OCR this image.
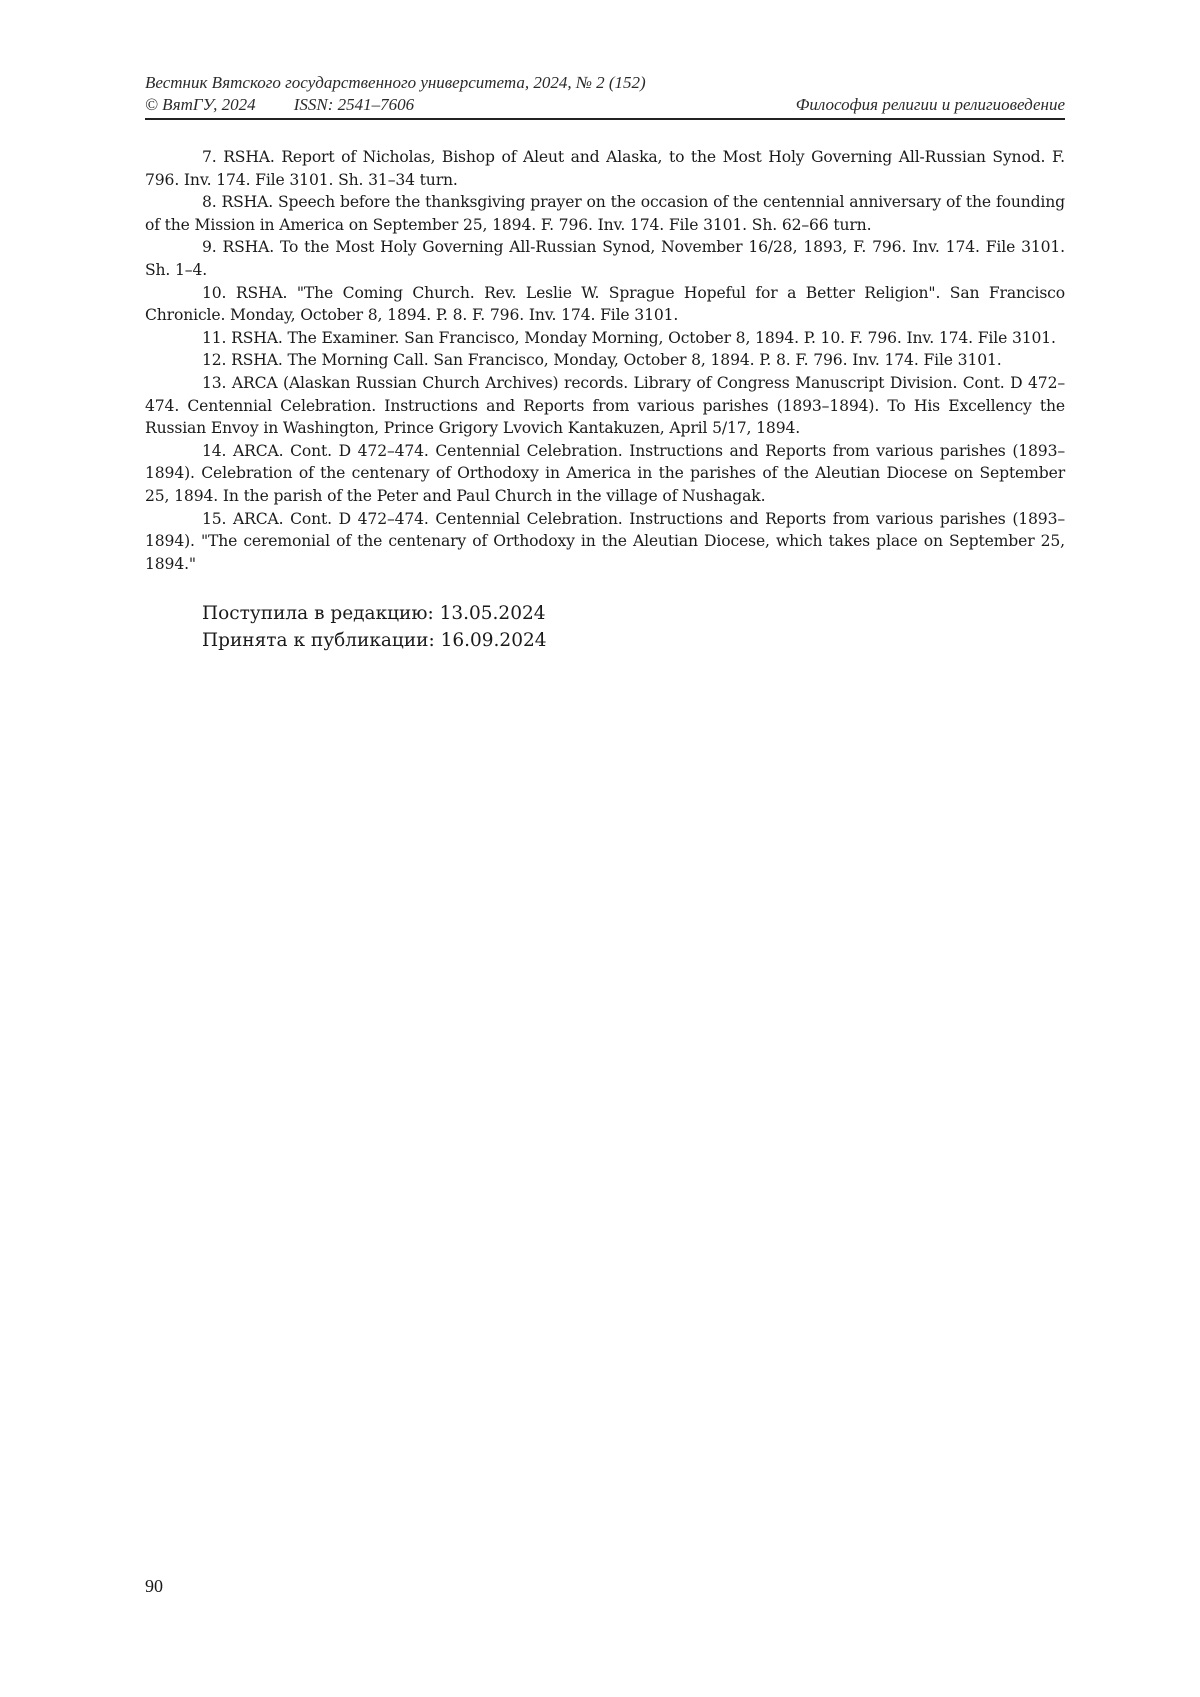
Вестник Вятского государственного университета, 2024, № 2 (152)
© ВятГУ, 2024 ISSN: 2541–7606	Философия религии и религиоведение

7. RSHA. Report of Nicholas, Bishop of Aleut and Alaska, to the Most Holy Governing All-Russian Synod. F. 796. Inv. 174. File 3101. Sh. 31–34 turn.

8. RSHA. Speech before the thanksgiving prayer on the occasion of the centennial anniversary of the founding of the Mission in America on September 25, 1894. F. 796. Inv. 174. File 3101. Sh. 62–66 turn.

9. RSHA. To the Most Holy Governing All-Russian Synod, November 16/28, 1893, F. 796. Inv. 174. File 3101. Sh. 1–4.

10. RSHA. "The Coming Church. Rev. Leslie W. Sprague Hopeful for a Better Religion". San Francisco Chronicle. Monday, October 8, 1894. P. 8. F. 796. Inv. 174. File 3101.

11. RSHA. The Examiner. San Francisco, Monday Morning, October 8, 1894. P. 10. F. 796. Inv. 174. File 3101.

12. RSHA. The Morning Call. San Francisco, Monday, October 8, 1894. P. 8. F. 796. Inv. 174. File 3101.

13. ARCA (Alaskan Russian Church Archives) records. Library of Congress Manuscript Division. Cont. D 472–474. Centennial Celebration. Instructions and Reports from various parishes (1893–1894). To His Excellency the Russian Envoy in Washington, Prince Grigory Lvovich Kantakuzen, April 5/17, 1894.

14. ARCA. Cont. D 472–474. Centennial Celebration. Instructions and Reports from various parishes (1893–1894). Celebration of the centenary of Orthodoxy in America in the parishes of the Aleutian Diocese on September 25, 1894. In the parish of the Peter and Paul Church in the village of Nushagak.

15. ARCA. Cont. D 472–474. Centennial Celebration. Instructions and Reports from various parishes (1893–1894). "The ceremonial of the centenary of Orthodoxy in the Aleutian Diocese, which takes place on September 25, 1894."

Поступила в редакцию: 13.05.2024
Принята к публикации: 16.09.2024
90
